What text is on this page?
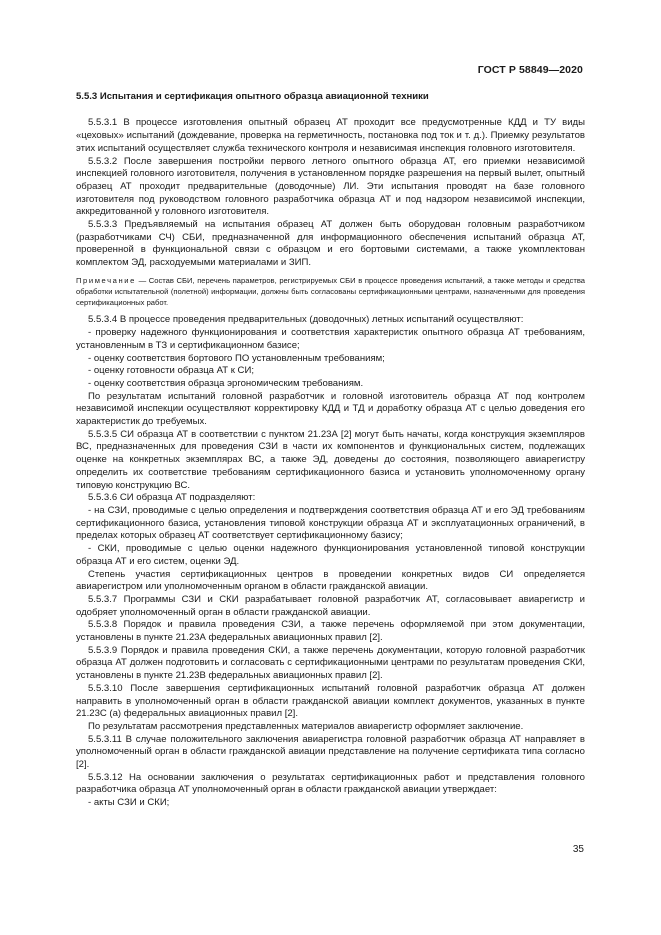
ГОСТ Р 58849—2020

5.5.3 Испытания и сертификация опытного образца авиационной техники

5.5.3.1 В процессе изготовления опытный образец АТ проходит все предусмотренные КДД и ТУ виды «цеховых» испытаний (дождевание, проверка на герметичность, постановка под ток и т. д.). Приемку результатов этих испытаний осуществляет служба технического контроля и независимая инспекция головного изготовителя.

5.5.3.2 После завершения постройки первого летного опытного образца АТ, его приемки независимой инспекцией головного изготовителя, получения в установленном порядке разрешения на первый вылет, опытный образец АТ проходит предварительные (доводочные) ЛИ. Эти испытания проводят на базе головного изготовителя под руководством головного разработчика образца АТ и под надзором независимой инспекции, аккредитованной у головного изготовителя.

5.5.3.3 Предъявляемый на испытания образец АТ должен быть оборудован головным разработчиком (разработчиками СЧ) СБИ, предназначенной для информационного обеспечения испытаний образца АТ, проверенной в функциональной связи с образцом и его бортовыми системами, а также укомплектован комплектом ЭД, расходуемыми материалами и ЗИП.

Примечание — Состав СБИ, перечень параметров, регистрируемых СБИ в процессе проведения испытаний, а также методы и средства обработки испытательной (полетной) информации, должны быть согласованы сертификационными центрами, назначенными для проведения сертификационных работ.

5.5.3.4 В процессе проведения предварительных (доводочных) летных испытаний осуществляют:

- проверку надежного функционирования и соответствия характеристик опытного образца АТ требованиям, установленным в ТЗ и сертификационном базисе;

- оценку соответствия бортового ПО установленным требованиям;

- оценку готовности образца АТ к СИ;

- оценку соответствия образца эргономическим требованиям.

По результатам испытаний головной разработчик и головной изготовитель образца АТ под контролем независимой инспекции осуществляют корректировку КДД и ТД и доработку образца АТ с целью доведения его характеристик до требуемых.

5.5.3.5 СИ образца АТ в соответствии с пунктом 21.23А [2] могут быть начаты, когда конструкция экземпляров ВС, предназначенных для проведения СЗИ в части их компонентов и функциональных систем, подлежащих оценке на конкретных экземплярах ВС, а также ЭД, доведены до состояния, позволяющего авиарегистру определить их соответствие требованиям сертификационного базиса и установить уполномоченному органу типовую конструкцию ВС.

5.5.3.6 СИ образца АТ подразделяют:

- на СЗИ, проводимые с целью определения и подтверждения соответствия образца АТ и его ЭД требованиям сертификационного базиса, установления типовой конструкции образца АТ и эксплуатационных ограничений, в пределах которых образец АТ соответствует сертификационному базису;

- СКИ, проводимые с целью оценки надежного функционирования установленной типовой конструкции образца АТ и его систем, оценки ЭД.

Степень участия сертификационных центров в проведении конкретных видов СИ определяется авиарегистром или уполномоченным органом в области гражданской авиации.

5.5.3.7 Программы СЗИ и СКИ разрабатывает головной разработчик АТ, согласовывает авиарегистр и одобряет уполномоченный орган в области гражданской авиации.

5.5.3.8 Порядок и правила проведения СЗИ, а также перечень оформляемой при этом документации, установлены в пункте 21.23А федеральных авиационных правил [2].

5.5.3.9 Порядок и правила проведения СКИ, а также перечень документации, которую головной разработчик образца АТ должен подготовить и согласовать с сертификационными центрами по результатам проведения СКИ, установлены в пункте 21.23В федеральных авиационных правил [2].

5.5.3.10 После завершения сертификационных испытаний головной разработчик образца АТ должен направить в уполномоченный орган в области гражданской авиации комплект документов, указанных в пункте 21.23С (а) федеральных авиационных правил [2].

По результатам рассмотрения представленных материалов авиарегистр оформляет заключение.

5.5.3.11 В случае положительного заключения авиарегистра головной разработчик образца АТ направляет в уполномоченный орган в области гражданской авиации представление на получение сертификата типа согласно [2].

5.5.3.12 На основании заключения о результатах сертификационных работ и представления головного разработчика образца АТ уполномоченный орган в области гражданской авиации утверждает:

- акты СЗИ и СКИ;

35
